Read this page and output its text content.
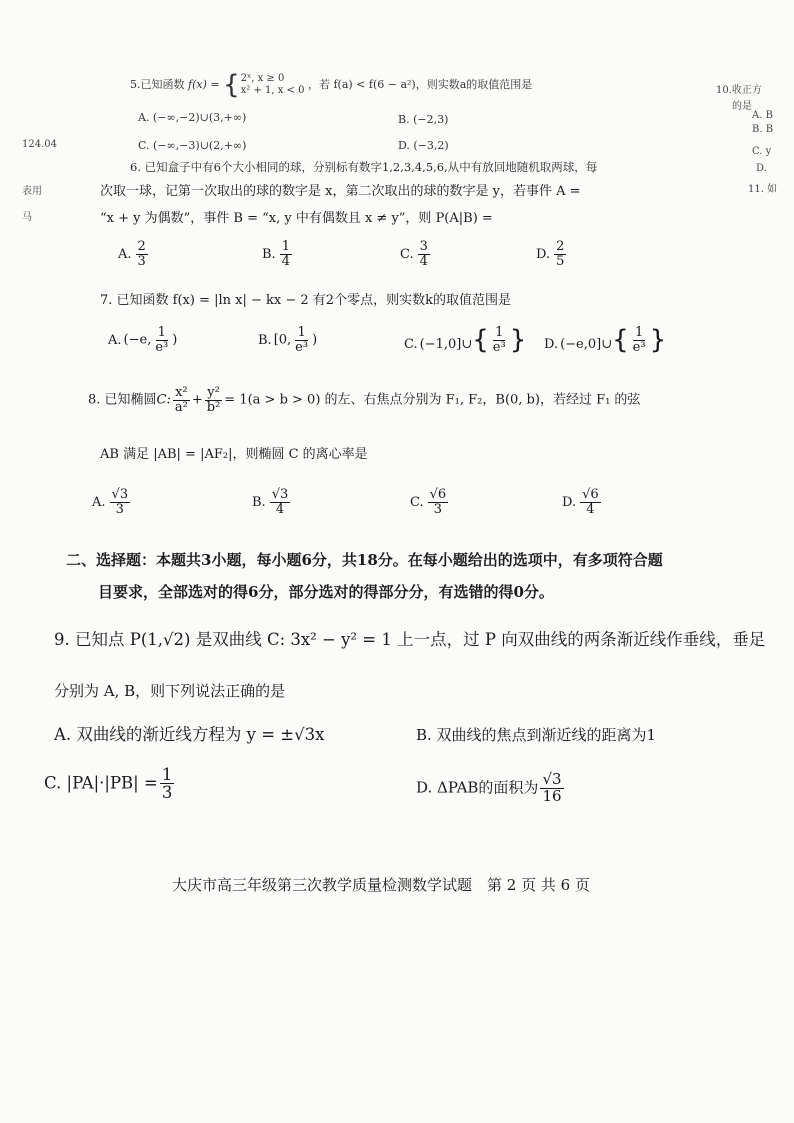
124.04
表用
马
10.收正方
的是
A. B
B. B
C. y
D.
11. 如
5.已知函数 f(x) = { 2ˣ, x ≥ 0
x² + 1, x < 0 ，若 f(a) < f(6 − a²)，则实数a的取值范围是
A. (−∞,−2)∪(3,+∞)	B. (−2,3)
C. (−∞,−3)∪(2,+∞)	D. (−3,2)
6. 已知盒子中有6个大小相同的球，分别标有数字1,2,3,4,5,6,从中有放回地随机取两球，每
次取一球，记第一次取出的球的数字是 x，第二次取出的球的数字是 y，若事件 A =
“x + y 为偶数”，事件 B = “x, y 中有偶数且 x ≠ y”，则 P(A|B) =
A. $\frac{2}{3}$	B. $\frac{1}{4}$	C. $\frac{3}{4}$	D. $\frac{2}{5}$
7. 已知函数 f(x) = |ln x| − kx − 2 有2个零点，则实数k的取值范围是
A. (−e, $\frac{1}{\text{e³}}$ )	B. [0, $\frac{1}{\text{e³}}$ )	C. (−1,0]∪ { $\frac{1}{\text{e³}}$ } D. (−e,0]∪ { $\frac{1}{\text{e³}}$ }
8. 已知椭圆C: $\frac{\text{x²}}{\text{a²}} + \frac{\text{y²}}{\text{b²}} = 1(a > b > 0)$ 的左、右焦点分别为 F₁, F₂，B(0, b)，若经过 F₁ 的弦
AB 满足 |AB| = |AF₂|，则椭圆 C 的离心率是
A. $\frac{√3}{3}$	B. $\frac{√3}{4}$	C. $\frac{√6}{3}$	D. $\frac{√6}{4}$
二、选择题：本题共3小题，每小题6分，共18分。在每小题给出的选项中，有多项符合题
目要求，全部选对的得6分，部分选对的得部分分，有选错的得0分。
9. 已知点 P(1,√2) 是双曲线 C: 3x² − y² = 1 上一点，过 P 向双曲线的两条渐近线作垂线，垂足
分别为 A, B，则下列说法正确的是
A. 双曲线的渐近线方程为 y = ±√3x	B. 双曲线的焦点到渐近线的距离为1
C. $|PA|\cdot|PB| = \frac{1}{3}$	D. ΔPAB的面积为 $\frac{√3}{16}$
大庆市高三年级第三次教学质量检测数学试题　第 2 页 共 6 页
